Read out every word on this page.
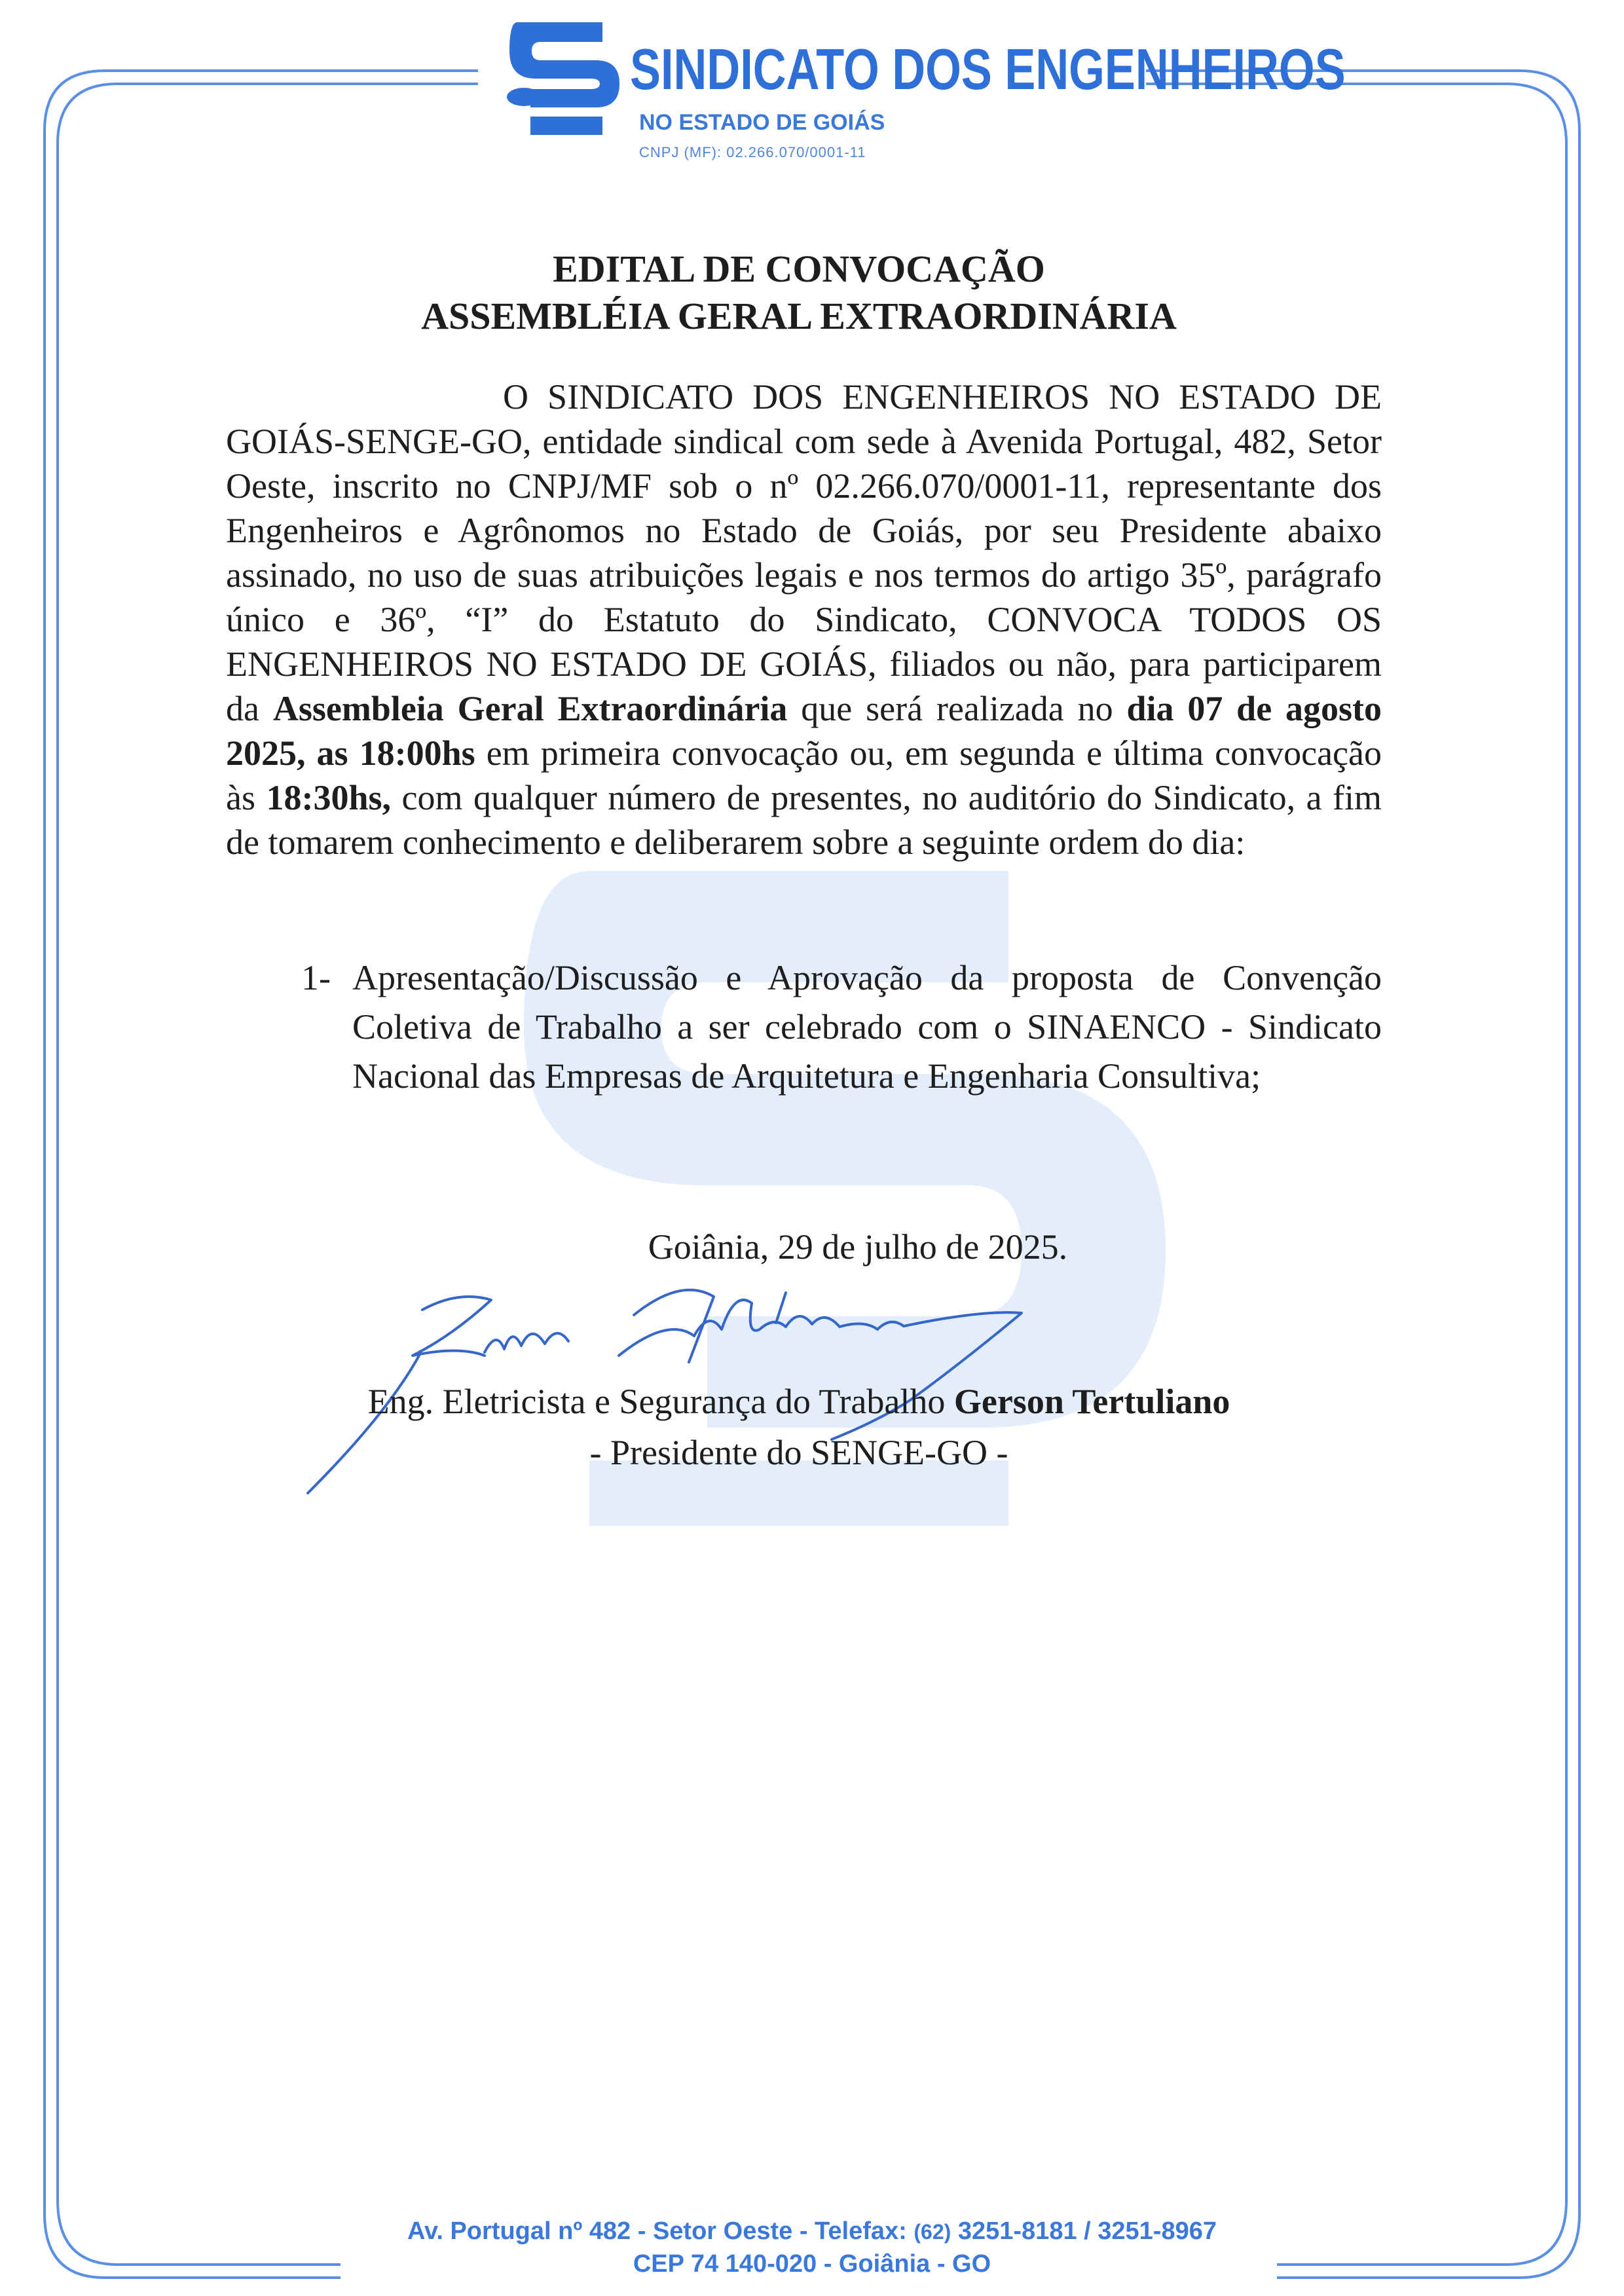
SINDICATO DOS ENGENHEIROS
NO ESTADO DE GOIÁS
CNPJ (MF): 02.266.070/0001-11
EDITAL DE CONVOCAÇÃO
ASSEMBLÉIA GERAL EXTRAORDINÁRIA

O SINDICATO DOS ENGENHEIROS NO ESTADO DE GOIÁS-SENGE-GO, entidade sindical com sede à Avenida Portugal, 482, Setor Oeste, inscrito no CNPJ/MF sob o nº 02.266.070/0001-11, representante dos Engenheiros e Agrônomos no Estado de Goiás, por seu Presidente abaixo assinado, no uso de suas atribuições legais e nos termos do artigo 35º, parágrafo único e 36º, “I” do Estatuto do Sindicato, CONVOCA TODOS OS ENGENHEIROS NO ESTADO DE GOIÁS, filiados ou não, para participarem da Assembleia Geral Extraordinária que será realizada no dia 07 de agosto 2025, as 18:00hs em primeira convocação ou, em segunda e última convocação às 18:30hs, com qualquer número de presentes, no auditório do Sindicato, a fim de tomarem conhecimento e deliberarem sobre a seguinte ordem do dia:

1- Apresentação/Discussão e Aprovação da proposta de Convenção Coletiva de Trabalho a ser celebrado com o SINAENCO - Sindicato Nacional das Empresas de Arquitetura e Engenharia Consultiva;
Goiânia, 29 de julho de 2025.
Eng. Eletricista e Segurança do Trabalho Gerson Tertuliano
- Presidente do SENGE-GO -
Av. Portugal nº 482 - Setor Oeste - Telefax: (62) 3251-8181 / 3251-8967
CEP 74 140-020 - Goiânia - GO
